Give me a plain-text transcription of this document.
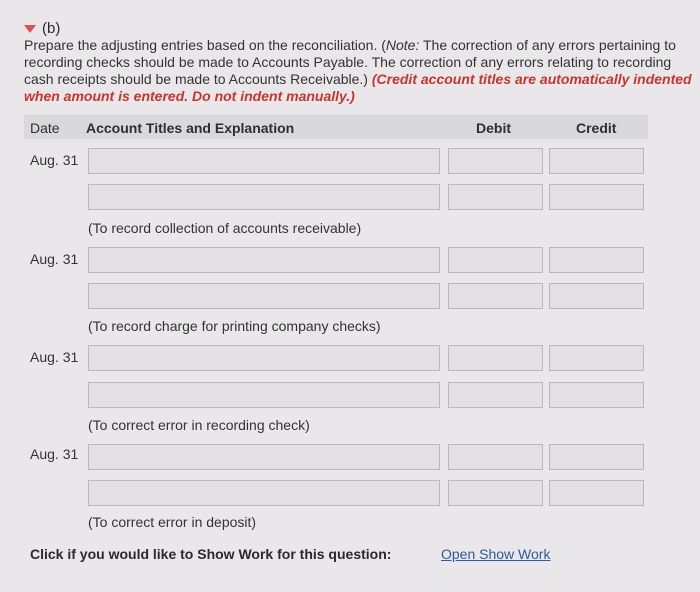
(b)
Prepare the adjusting entries based on the reconciliation. (Note: The correction of any errors pertaining to recording checks should be made to Accounts Payable. The correction of any errors relating to recording cash receipts should be made to Accounts Receivable.) (Credit account titles are automatically indented when amount is entered. Do not indent manually.)
Date Account Titles and Explanation	Debit	Credit
Aug. 31
(To record collection of accounts receivable)
Aug. 31
(To record charge for printing company checks)
Aug. 31
(To correct error in recording check)
Aug. 31
(To correct error in deposit)
Click if you would like to Show Work for this question:	Open Show Work
